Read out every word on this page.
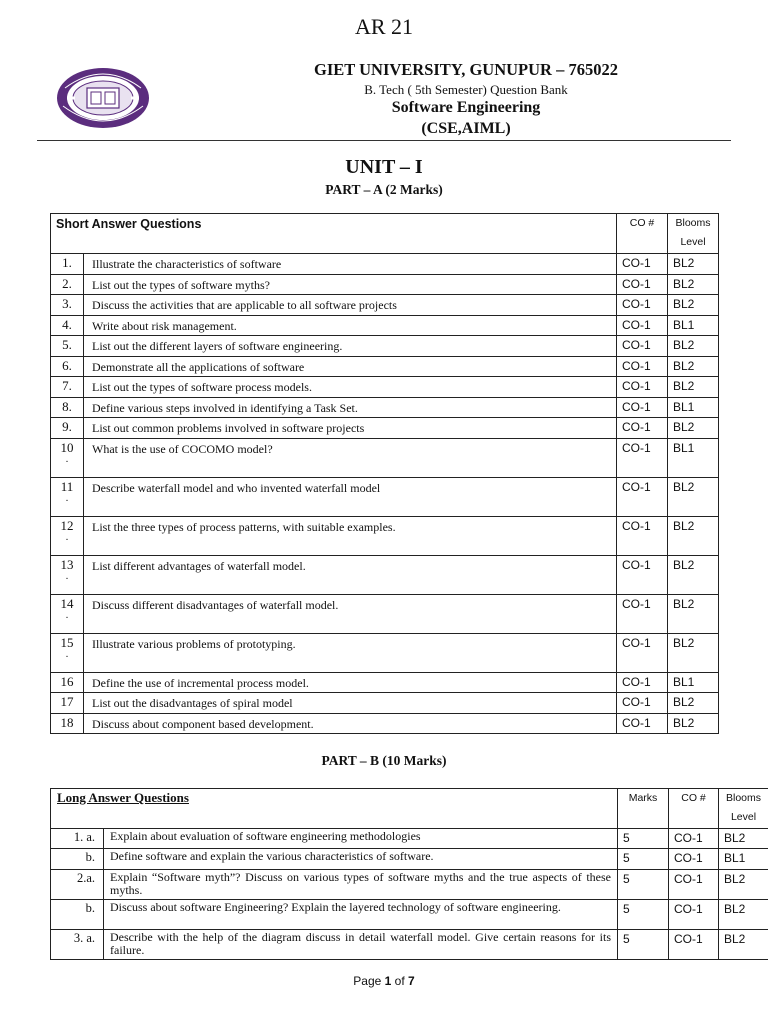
AR 21
GIET UNIVERSITY, GUNUPUR – 765022
B. Tech ( 5th Semester) Question Bank
Software Engineering
(CSE,AIML)
UNIT – I
PART – A (2 Marks)
Short Answer Questions		CO #	Blooms Level
1.	Illustrate the characteristics of software	CO-1	BL2
2.	List out the types of software myths?	CO-1	BL2
3.	Discuss the activities that are applicable to all software projects	CO-1	BL2
4.	Write about risk management.	CO-1	BL1
5.	List out the different layers of software engineering.	CO-1	BL2
6.	Demonstrate all the applications of software	CO-1	BL2
7.	List out the types of software process models.	CO-1	BL2
8.	Define various steps involved in identifying a Task Set.	CO-1	BL1
9.	List out common problems involved in software projects	CO-1	BL2
10
.	What is the use of COCOMO model?	CO-1	BL1
11
.	Describe waterfall model and who invented waterfall model	CO-1	BL2
12
.	List the three types of process patterns, with suitable examples.	CO-1	BL2
13
.	List different advantages of waterfall model.	CO-1	BL2
14
.	Discuss different disadvantages of waterfall model.	CO-1	BL2
15
.	Illustrate various problems of prototyping.	CO-1	BL2
16	Define the use of incremental process model.	CO-1	BL1
17	List out the disadvantages of spiral model	CO-1	BL2
18	Discuss about component based development.	CO-1	BL2
PART – B (10 Marks)
Long Answer Questions		Marks	CO #	Blooms Level
1. a.	Explain about evaluation of software engineering methodologies	5	CO-1	BL2
b.	Define software and explain the various characteristics of software.	5	CO-1	BL1
2.a.	Explain “Software myth”? Discuss on various types of software myths and the true aspects of these myths.	5	CO-1	BL2
b.	Discuss about software Engineering? Explain the layered technology of software engineering.	5	CO-1	BL2
3. a.	Describe with the help of the diagram discuss in detail waterfall model. Give certain reasons for its failure.	5	CO-1	BL2
Page 1 of 7
